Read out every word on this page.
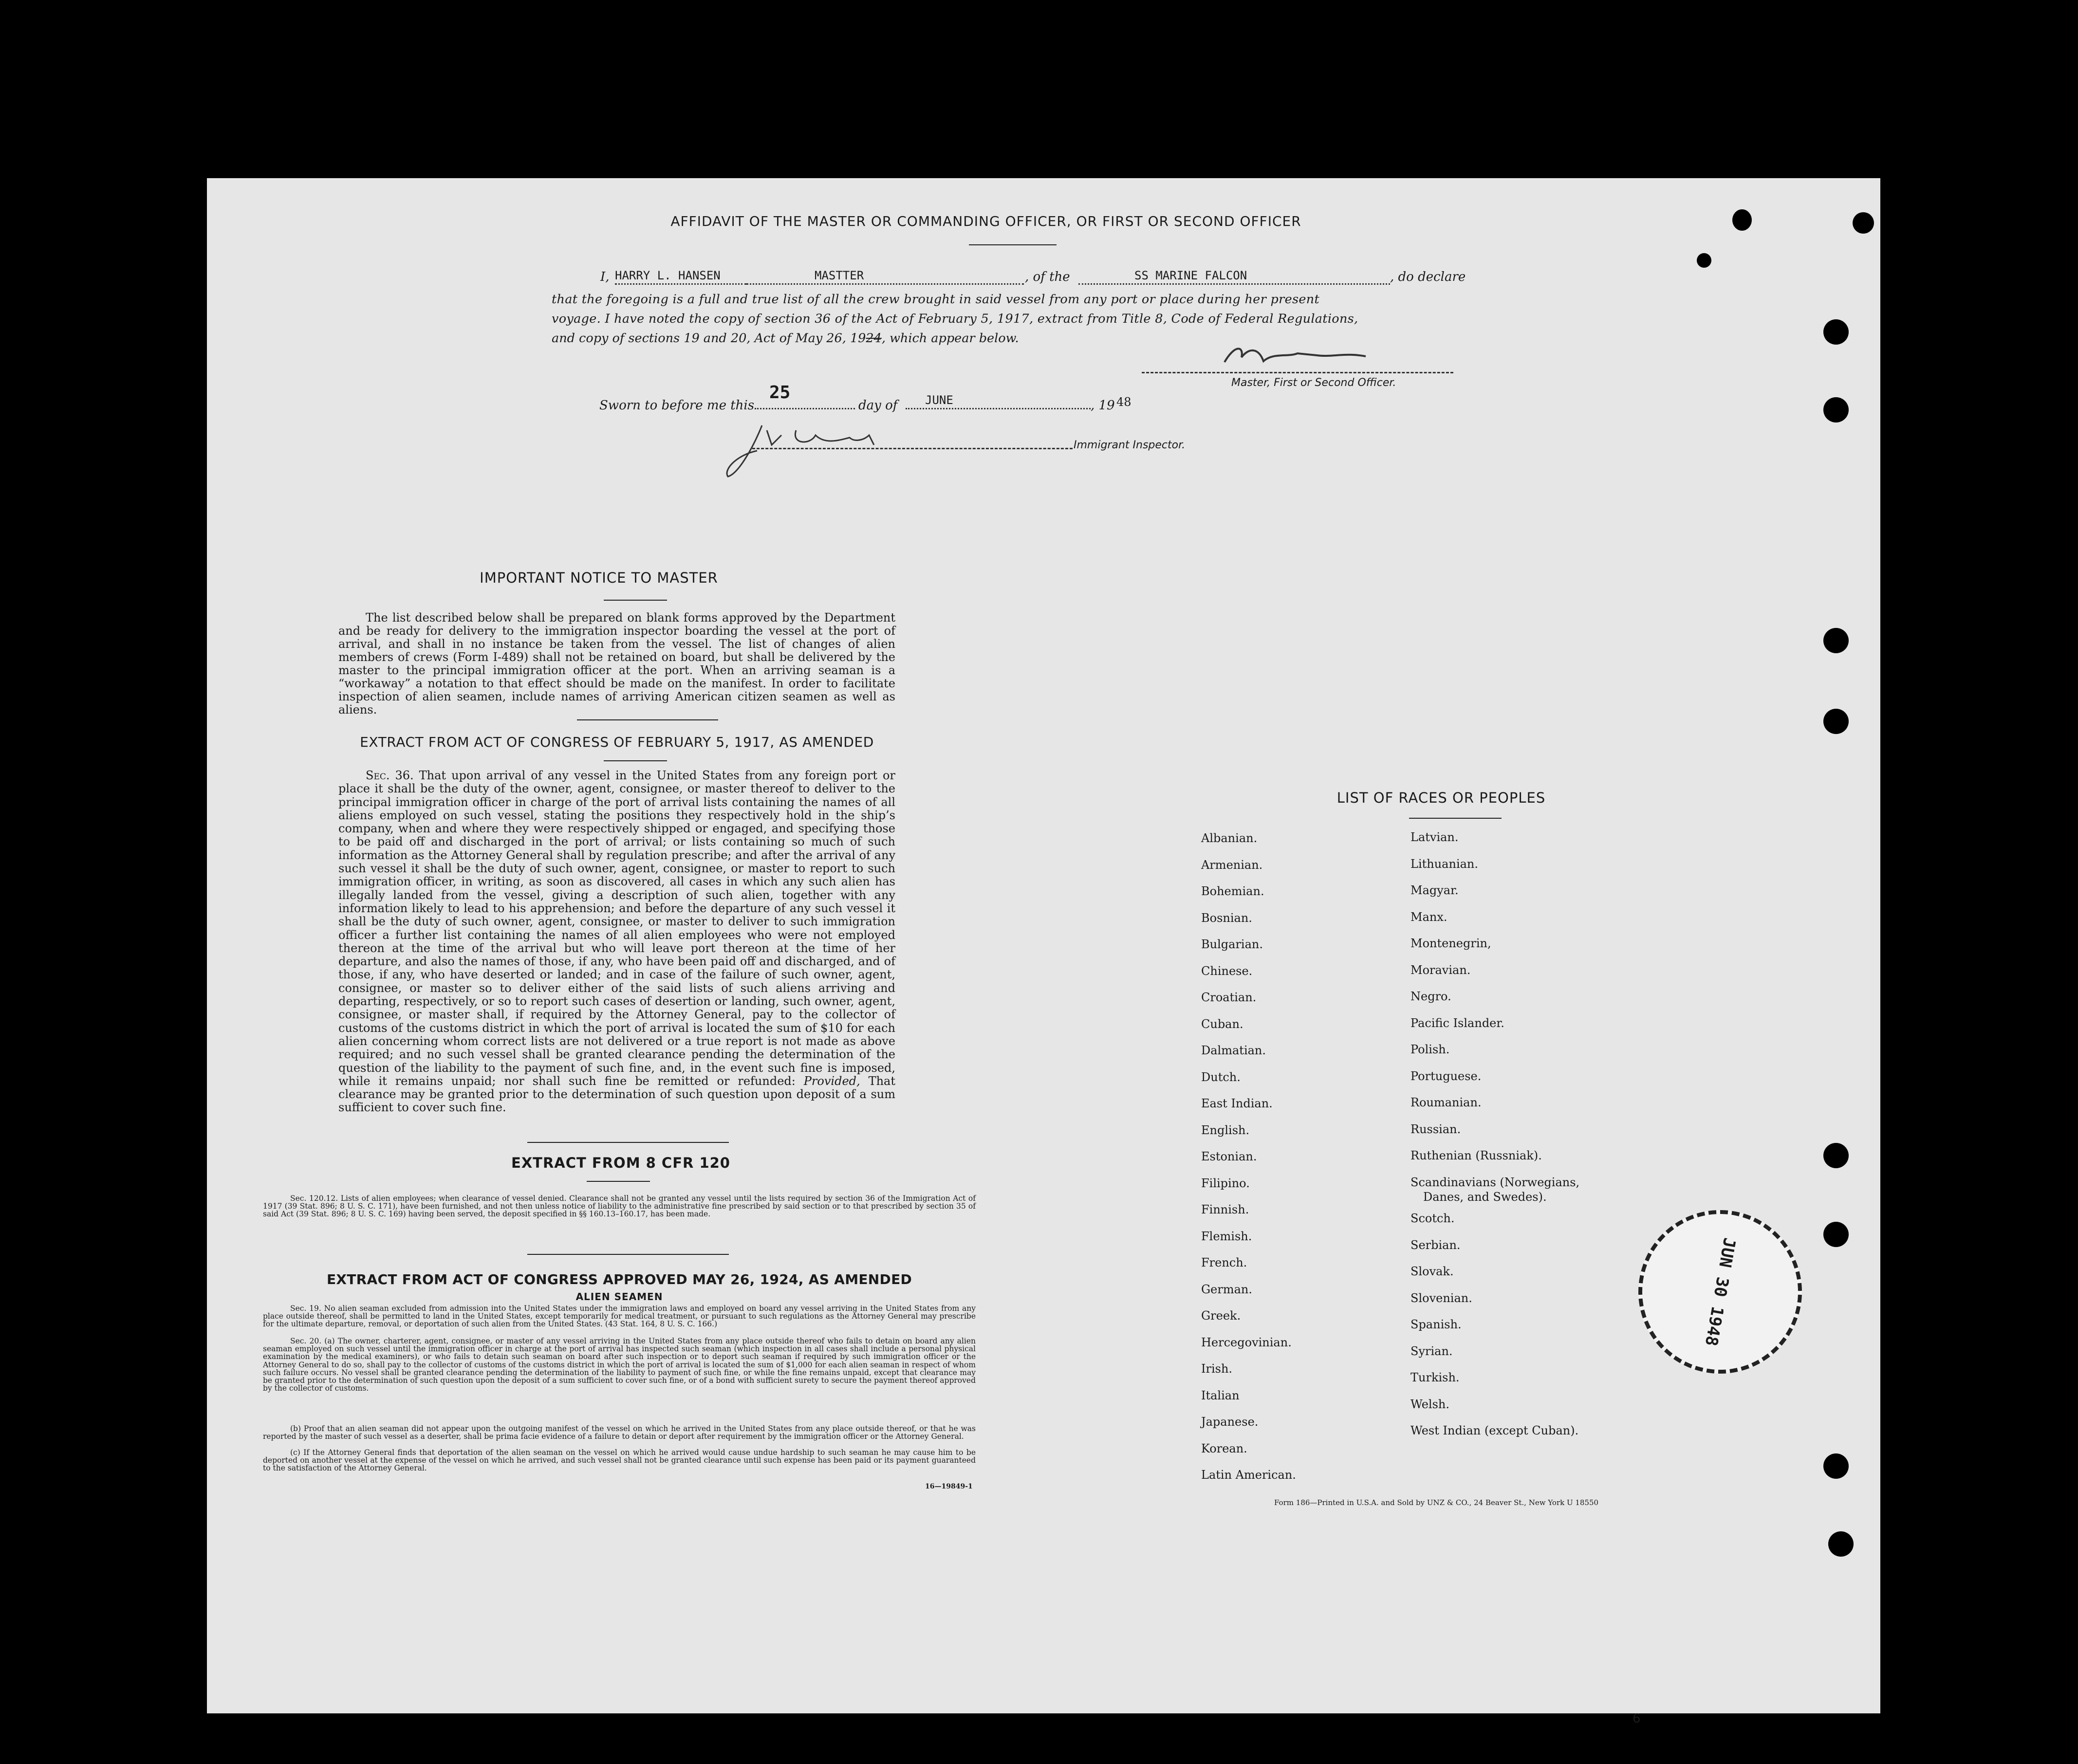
AFFIDAVIT OF THE MASTER OR COMMANDING OFFICER, OR FIRST OR SECOND OFFICER
I, HARRY L. HANSEN	MASTTER	, of the	SS MARINE FALCON	, do declare
that the foregoing is a full and true list of all the crew brought in said vessel from any port or place during her present
voyage. I have noted the copy of section 36 of the Act of February 5, 1917, extract from Title 8, Code of Federal Regulations,
and copy of sections 19 and 20, Act of May 26, 1924, which appear below.
Master, First or Second Officer.
Sworn to before me this
25
day of	JUNE	, 19 48
Immigrant Inspector.
IMPORTANT NOTICE TO MASTER
The list described below shall be prepared on blank forms approved by the Department and be ready for delivery to the immigration inspector boarding the vessel at the port of arrival, and shall in no instance be taken from the vessel. The list of changes of alien members of crews (Form I-489) shall not be retained on board, but shall be delivered by the master to the principal immigration officer at the port. When an arriving seaman is a “workaway” a notation to that effect should be made on the manifest. In order to facilitate inspection of alien seamen, include names of arriving American citizen seamen as well as aliens.
EXTRACT FROM ACT OF CONGRESS OF FEBRUARY 5, 1917, AS AMENDED
Sec. 36. That upon arrival of any vessel in the United States from any foreign port or place it shall be the duty of the owner, agent, consignee, or master thereof to deliver to the principal immigration officer in charge of the port of arrival lists containing the names of all aliens employed on such vessel, stating the positions they respectively hold in the ship’s company, when and where they were respectively shipped or engaged, and specifying those to be paid off and discharged in the port of arrival; or lists containing so much of such information as the Attorney General shall by regulation prescribe; and after the arrival of any such vessel it shall be the duty of such owner, agent, consignee, or master to report to such immigration officer, in writing, as soon as discovered, all cases in which any such alien has illegally landed from the vessel, giving a description of such alien, together with any information likely to lead to his apprehension; and before the departure of any such vessel it shall be the duty of such owner, agent, consignee, or master to deliver to such immigration officer a further list containing the names of all alien employees who were not employed thereon at the time of the arrival but who will leave port thereon at the time of her departure, and also the names of those, if any, who have been paid off and discharged, and of those, if any, who have deserted or landed; and in case of the failure of such owner, agent, consignee, or master so to deliver either of the said lists of such aliens arriving and departing, respectively, or so to report such cases of desertion or landing, such owner, agent, consignee, or master shall, if required by the Attorney General, pay to the collector of customs of the customs district in which the port of arrival is located the sum of $10 for each alien concerning whom correct lists are not delivered or a true report is not made as above required; and no such vessel shall be granted clearance pending the determination of the question of the liability to the payment of such fine, and, in the event such fine is imposed, while it remains unpaid; nor shall such fine be remitted or refunded: Provided, That clearance may be granted prior to the determination of such question upon deposit of a sum sufficient to cover such fine.
EXTRACT FROM 8 CFR 120
Sec. 120.12. Lists of alien employees; when clearance of vessel denied. Clearance shall not be granted any vessel until the lists required by section 36 of the Immigration Act of 1917 (39 Stat. 896; 8 U. S. C. 171), have been furnished, and not then unless notice of liability to the administrative fine prescribed by said section or to that prescribed by section 35 of said Act (39 Stat. 896; 8 U. S. C. 169) having been served, the deposit specified in §§ 160.13–160.17, has been made.
EXTRACT FROM ACT OF CONGRESS APPROVED MAY 26, 1924, AS AMENDED
ALIEN SEAMEN
Sec. 19. No alien seaman excluded from admission into the United States under the immigration laws and employed on board any vessel arriving in the United States from any place outside thereof, shall be permitted to land in the United States, except temporarily for medical treatment, or pursuant to such regulations as the Attorney General may prescribe for the ultimate departure, removal, or deportation of such alien from the United States. (43 Stat. 164, 8 U. S. C. 166.)
Sec. 20. (a) The owner, charterer, agent, consignee, or master of any vessel arriving in the United States from any place outside thereof who fails to detain on board any alien seaman employed on such vessel until the immigration officer in charge at the port of arrival has inspected such seaman (which inspection in all cases shall include a personal physical examination by the medical examiners), or who fails to detain such seaman on board after such inspection or to deport such seaman if required by such immigration officer or the Attorney General to do so, shall pay to the collector of customs of the customs district in which the port of arrival is located the sum of $1,000 for each alien seaman in respect of whom such failure occurs. No vessel shall be granted clearance pending the determination of the liability to payment of such fine, or while the fine remains unpaid, except that clearance may be granted prior to the determination of such question upon the deposit of a sum sufficient to cover such fine, or of a bond with sufficient surety to secure the payment thereof approved by the collector of customs.
(b) Proof that an alien seaman did not appear upon the outgoing manifest of the vessel on which he arrived in the United States from any place outside thereof, or that he was reported by the master of such vessel as a deserter, shall be prima facie evidence of a failure to detain or deport after requirement by the immigration officer or the Attorney General.
(c) If the Attorney General finds that deportation of the alien seaman on the vessel on which he arrived would cause undue hardship to such seaman he may cause him to be deported on another vessel at the expense of the vessel on which he arrived, and such vessel shall not be granted clearance until such expense has been paid or its payment guaranteed to the satisfaction of the Attorney General.
16—19849-1
LIST OF RACES OR PEOPLES
Albanian.
Armenian.
Bohemian.
Bosnian.
Bulgarian.
Chinese.
Croatian.
Cuban.
Dalmatian.
Dutch.
East Indian.
English.
Estonian.
Filipino.
Finnish.
Flemish.
French.
German.
Greek.
Hercegovinian.
Irish.
Italian
Japanese.
Korean.
Latin American.
Latvian.
Lithuanian.
Magyar.
Manx.
Montenegrin,
Moravian.
Negro.
Pacific Islander.
Polish.
Portuguese.
Roumanian.
Russian.
Ruthenian (Russniak).
Scandinavians (Norwegians,
Danes, and Swedes).
Scotch.
Serbian.
Slovak.
Slovenian.
Spanish.
Syrian.
Turkish.
Welsh.
West Indian (except Cuban).
JUN 30 1948
Form 186—Printed in U.S.A. and Sold by UNZ & CO., 24 Beaver St., New York U 18550
6
